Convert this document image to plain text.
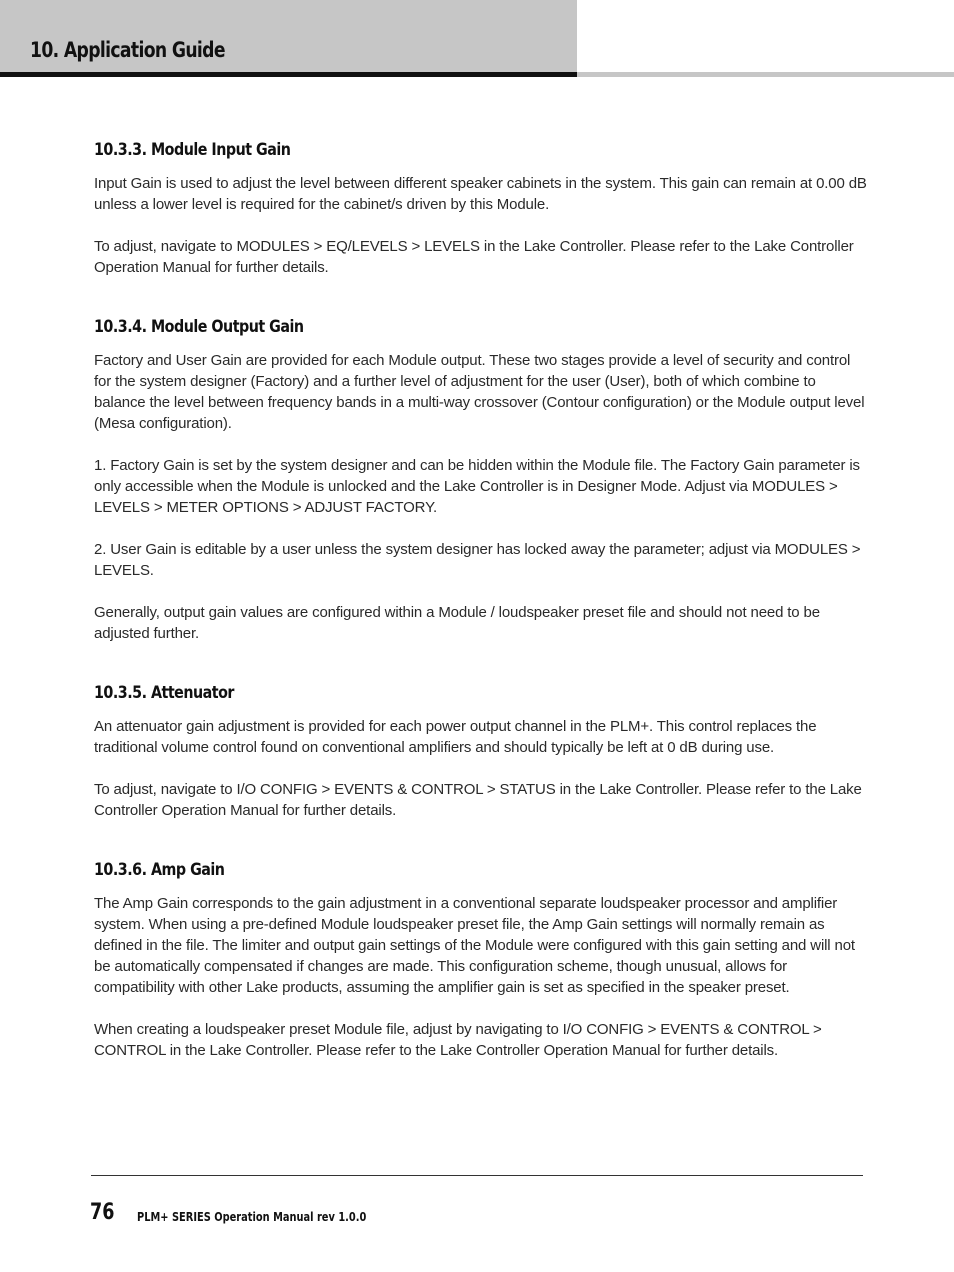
10. Application Guide
10.3.3. Module Input Gain

Input Gain is used to adjust the level between different speaker cabinets in the system. This gain can remain at 0.00 dB unless a lower level is required for the cabinet/s driven by this Module.

To adjust, navigate to MODULES > EQ/LEVELS > LEVELS in the Lake Controller. Please refer to the Lake Controller Operation Manual for further details.

10.3.4. Module Output Gain

Factory and User Gain are provided for each Module output. These two stages provide a level of security and control for the system designer (Factory) and a further level of adjustment for the user (User), both of which combine to balance the level between frequency bands in a multi-way crossover (Contour configuration) or the Module output level (Mesa configuration).

1. Factory Gain is set by the system designer and can be hidden within the Module file. The Factory Gain parameter is only accessible when the Module is unlocked and the Lake Controller is in Designer Mode. Adjust via MODULES > LEVELS > METER OPTIONS > ADJUST FACTORY.

2. User Gain is editable by a user unless the system designer has locked away the parameter; adjust via MODULES > LEVELS.

Generally, output gain values are configured within a Module / loudspeaker preset file and should not need to be adjusted further.

10.3.5. Attenuator

An attenuator gain adjustment is provided for each power output channel in the PLM+. This control replaces the traditional volume control found on conventional amplifiers and should typically be left at 0 dB during use.

To adjust, navigate to I/O CONFIG > EVENTS & CONTROL > STATUS in the Lake Controller. Please refer to the Lake Controller Operation Manual for further details.

10.3.6. Amp Gain

The Amp Gain corresponds to the gain adjustment in a conventional separate loudspeaker processor and amplifier system. When using a pre-defined Module loudspeaker preset file, the Amp Gain settings will normally remain as defined in the file. The limiter and output gain settings of the Module were configured with this gain setting and will not be automatically compensated if changes are made. This configuration scheme, though unusual, allows for compatibility with other Lake products, assuming the amplifier gain is set as specified in the speaker preset.

When creating a loudspeaker preset Module file, adjust by navigating to I/O CONFIG > EVENTS & CONTROL > CONTROL in the Lake Controller. Please refer to the Lake Controller Operation Manual for further details.

76 PLM+ SERIES Operation Manual rev 1.0.0
